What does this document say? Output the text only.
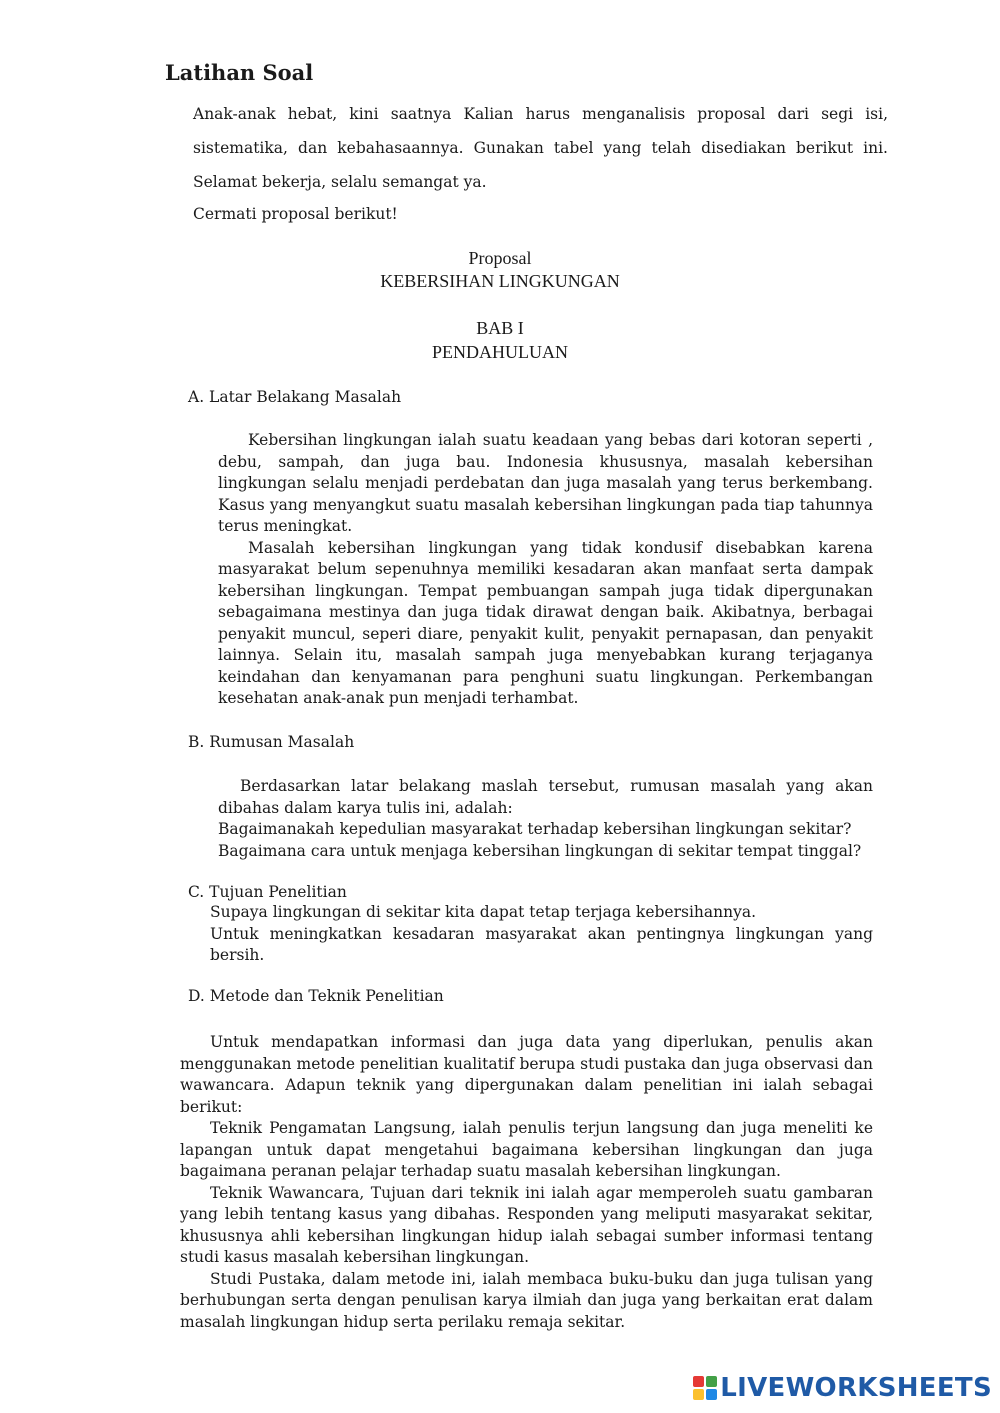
Latihan Soal
Anak-anak hebat, kini saatnya Kalian harus menganalisis proposal dari segi isi,
sistematika, dan kebahasaannya. Gunakan tabel yang telah disediakan berikut ini.
Selamat bekerja, selalu semangat ya.
Cermati proposal berikut!
Proposal
KEBERSIHAN LINGKUNGAN
BAB I
PENDAHULUAN
A. Latar Belakang Masalah

Kebersihan lingkungan ialah suatu keadaan yang bebas dari kotoran seperti , debu, sampah, dan juga bau. Indonesia khususnya, masalah kebersihan lingkungan selalu menjadi perdebatan dan juga masalah yang terus berkembang. Kasus yang menyangkut suatu masalah kebersihan lingkungan pada tiap tahunnya terus meningkat.

Masalah kebersihan lingkungan yang tidak kondusif disebabkan karena masyarakat belum sepenuhnya memiliki kesadaran akan manfaat serta dampak kebersihan lingkungan. Tempat pembuangan sampah juga tidak dipergunakan sebagaimana mestinya dan juga tidak dirawat dengan baik. Akibatnya, berbagai penyakit muncul, seperi diare, penyakit kulit, penyakit pernapasan, dan penyakit lainnya. Selain itu, masalah sampah juga menyebabkan kurang terjaganya keindahan dan kenyamanan para penghuni suatu lingkungan. Perkembangan kesehatan anak-anak pun menjadi terhambat.

B. Rumusan Masalah

Berdasarkan latar belakang maslah tersebut, rumusan masalah yang akan dibahas dalam karya tulis ini, adalah:

Bagaimanakah kepedulian masyarakat terhadap kebersihan lingkungan sekitar?

Bagaimana cara untuk menjaga kebersihan lingkungan di sekitar tempat tinggal?

C. Tujuan Penelitian

Supaya lingkungan di sekitar kita dapat tetap terjaga kebersihannya.

Untuk meningkatkan kesadaran masyarakat akan pentingnya lingkungan yang bersih.

D. Metode dan Teknik Penelitian

Untuk mendapatkan informasi dan juga data yang diperlukan, penulis akan menggunakan metode penelitian kualitatif berupa studi pustaka dan juga observasi dan wawancara. Adapun teknik yang dipergunakan dalam penelitian ini ialah sebagai berikut:

Teknik Pengamatan Langsung, ialah penulis terjun langsung dan juga meneliti ke lapangan untuk dapat mengetahui bagaimana kebersihan lingkungan dan juga bagaimana peranan pelajar terhadap suatu masalah kebersihan lingkungan.

Teknik Wawancara, Tujuan dari teknik ini ialah agar memperoleh suatu gambaran yang lebih tentang kasus yang dibahas. Responden yang meliputi masyarakat sekitar, khususnya ahli kebersihan lingkungan hidup ialah sebagai sumber informasi tentang studi kasus masalah kebersihan lingkungan.

Studi Pustaka, dalam metode ini, ialah membaca buku-buku dan juga tulisan yang berhubungan serta dengan penulisan karya ilmiah dan juga yang berkaitan erat dalam masalah lingkungan hidup serta perilaku remaja sekitar.

LIVEWORKSHEETS
